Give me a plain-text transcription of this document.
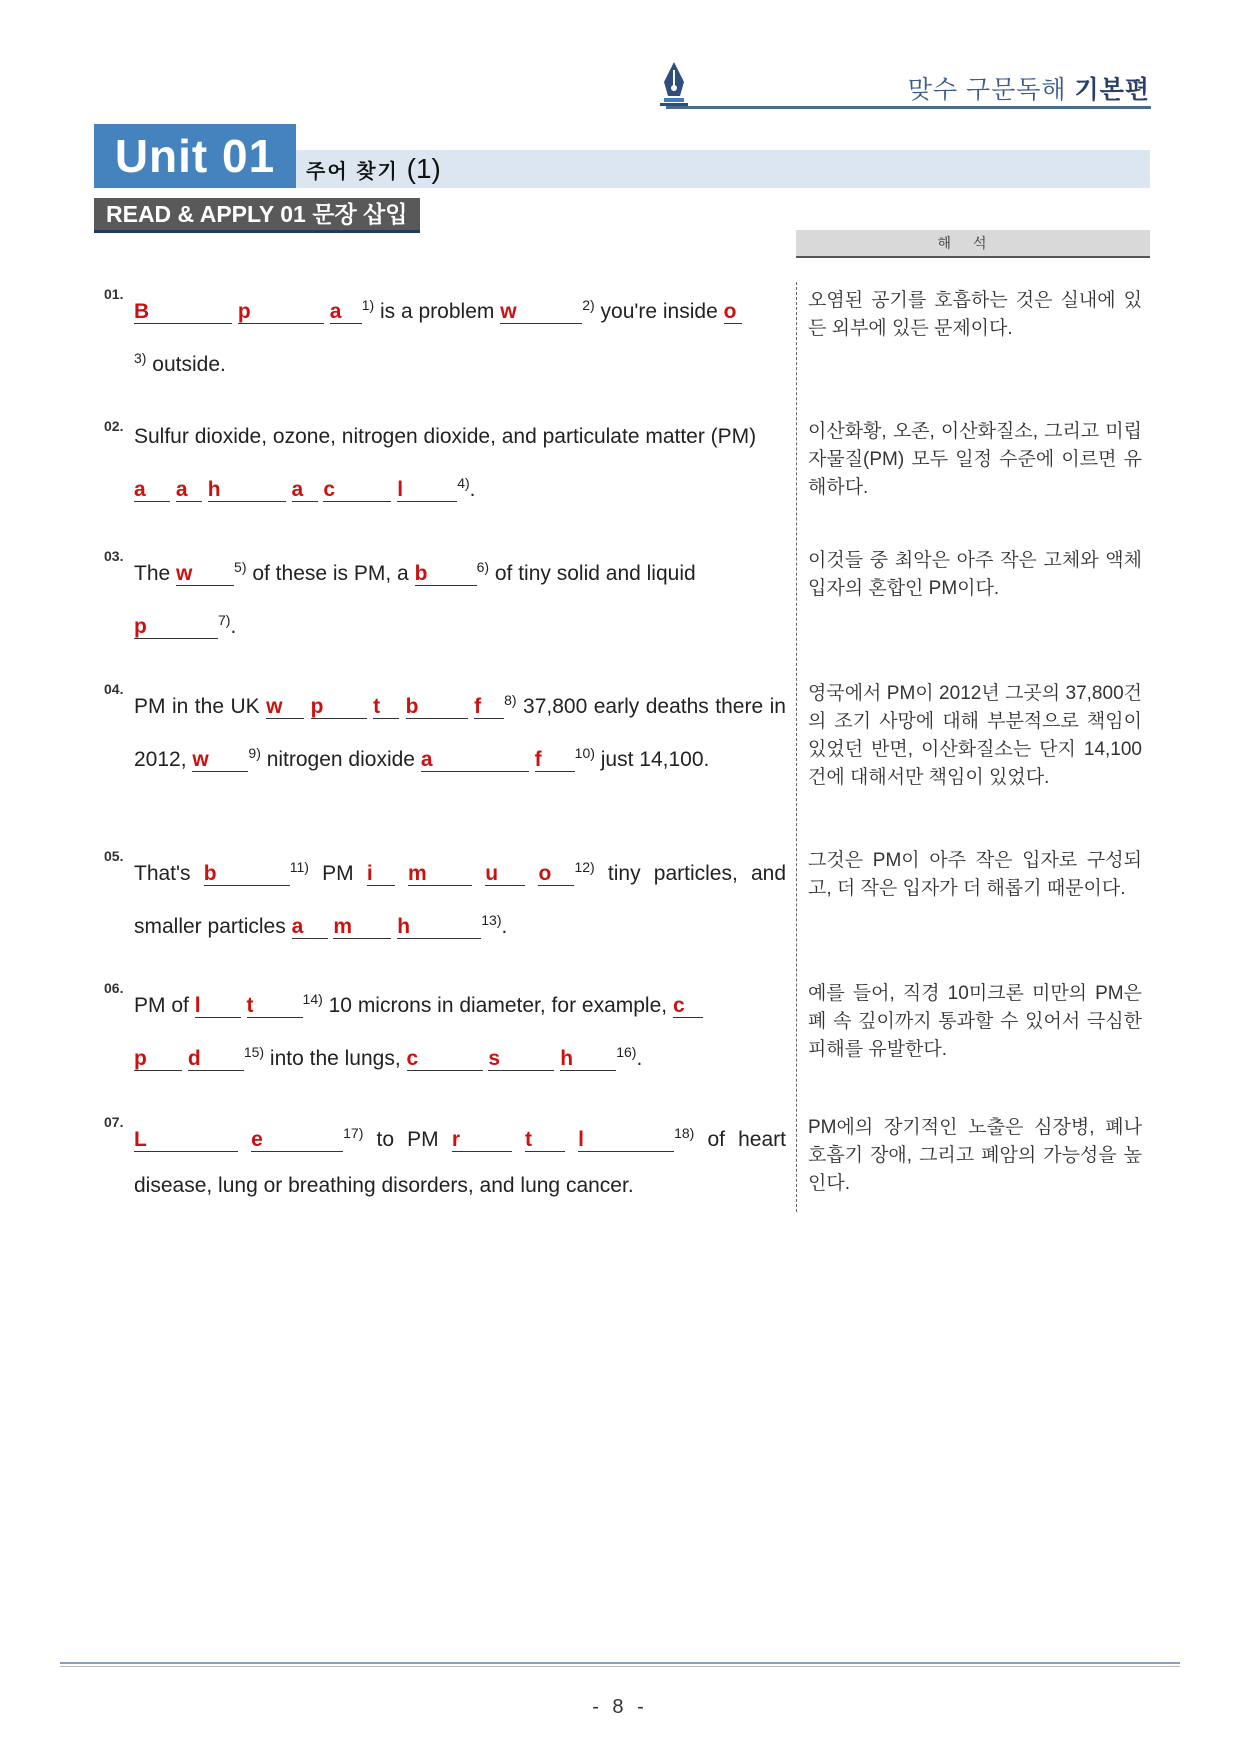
맞수 구문독해 기본편
Unit 01	주어 찾기 (1)
READ & APPLY 01 문장 삽입
해석
01.
B	p	a $^{1)}$ is a problem w	$^{2)}$ you're inside o
$^{3)}$ outside.
오염된 공기를 호흡하는 것은 실내에 있든 외부에 있든 문제이다.
02. Sulfur dioxide, ozone, nitrogen dioxide, and particulate matter (PM)
a a h	a c	l	$^{4)}$.
이산화황, 오존, 이산화질소, 그리고 미립자물질(PM) 모두 일정 수준에 이르면 유해하다.
03.
The w	$^{5)}$ of these is PM, a b	$^{6)}$ of tiny solid and liquid
p	$^{7)}$.
이것들 중 최악은 아주 작은 고체와 액체 입자의 혼합인 PM이다.
04.
PM in the UK w p t b	f $^{8)}$ 37,800 early deaths there in 2012, w	$^{9)}$ nitrogen dioxide a	f $^{10)}$ just 14,100.
영국에서 PM이 2012년 그곳의 37,800건의 조기 사망에 대해 부분적으로 책임이 있었던 반면, 이산화질소는 단지 14,100건에 대해서만 책임이 있었다.
05.
That's b	$^{11)}$ PM i m	u o $^{12)}$ tiny particles, and smaller particles a m h	$^{13)}$.
그것은 PM이 아주 작은 입자로 구성되고, 더 작은 입자가 더 해롭기 때문이다.
06.
PM of l t	$^{14)}$ 10 microns in diameter, for example, c
p d	$^{15)}$ into the lungs, c	s	h	$^{16)}$.
예를 들어, 직경 10미크론 미만의 PM은 폐 속 깊이까지 통과할 수 있어서 극심한 피해를 유발한다.
07.
L	e	$^{17)}$ to PM r	t l	$^{18)}$ of heart disease, lung or breathing disorders, and lung cancer.
PM에의 장기적인 노출은 심장병, 폐나 호흡기 장애, 그리고 폐암의 가능성을 높인다.
- 8 -
